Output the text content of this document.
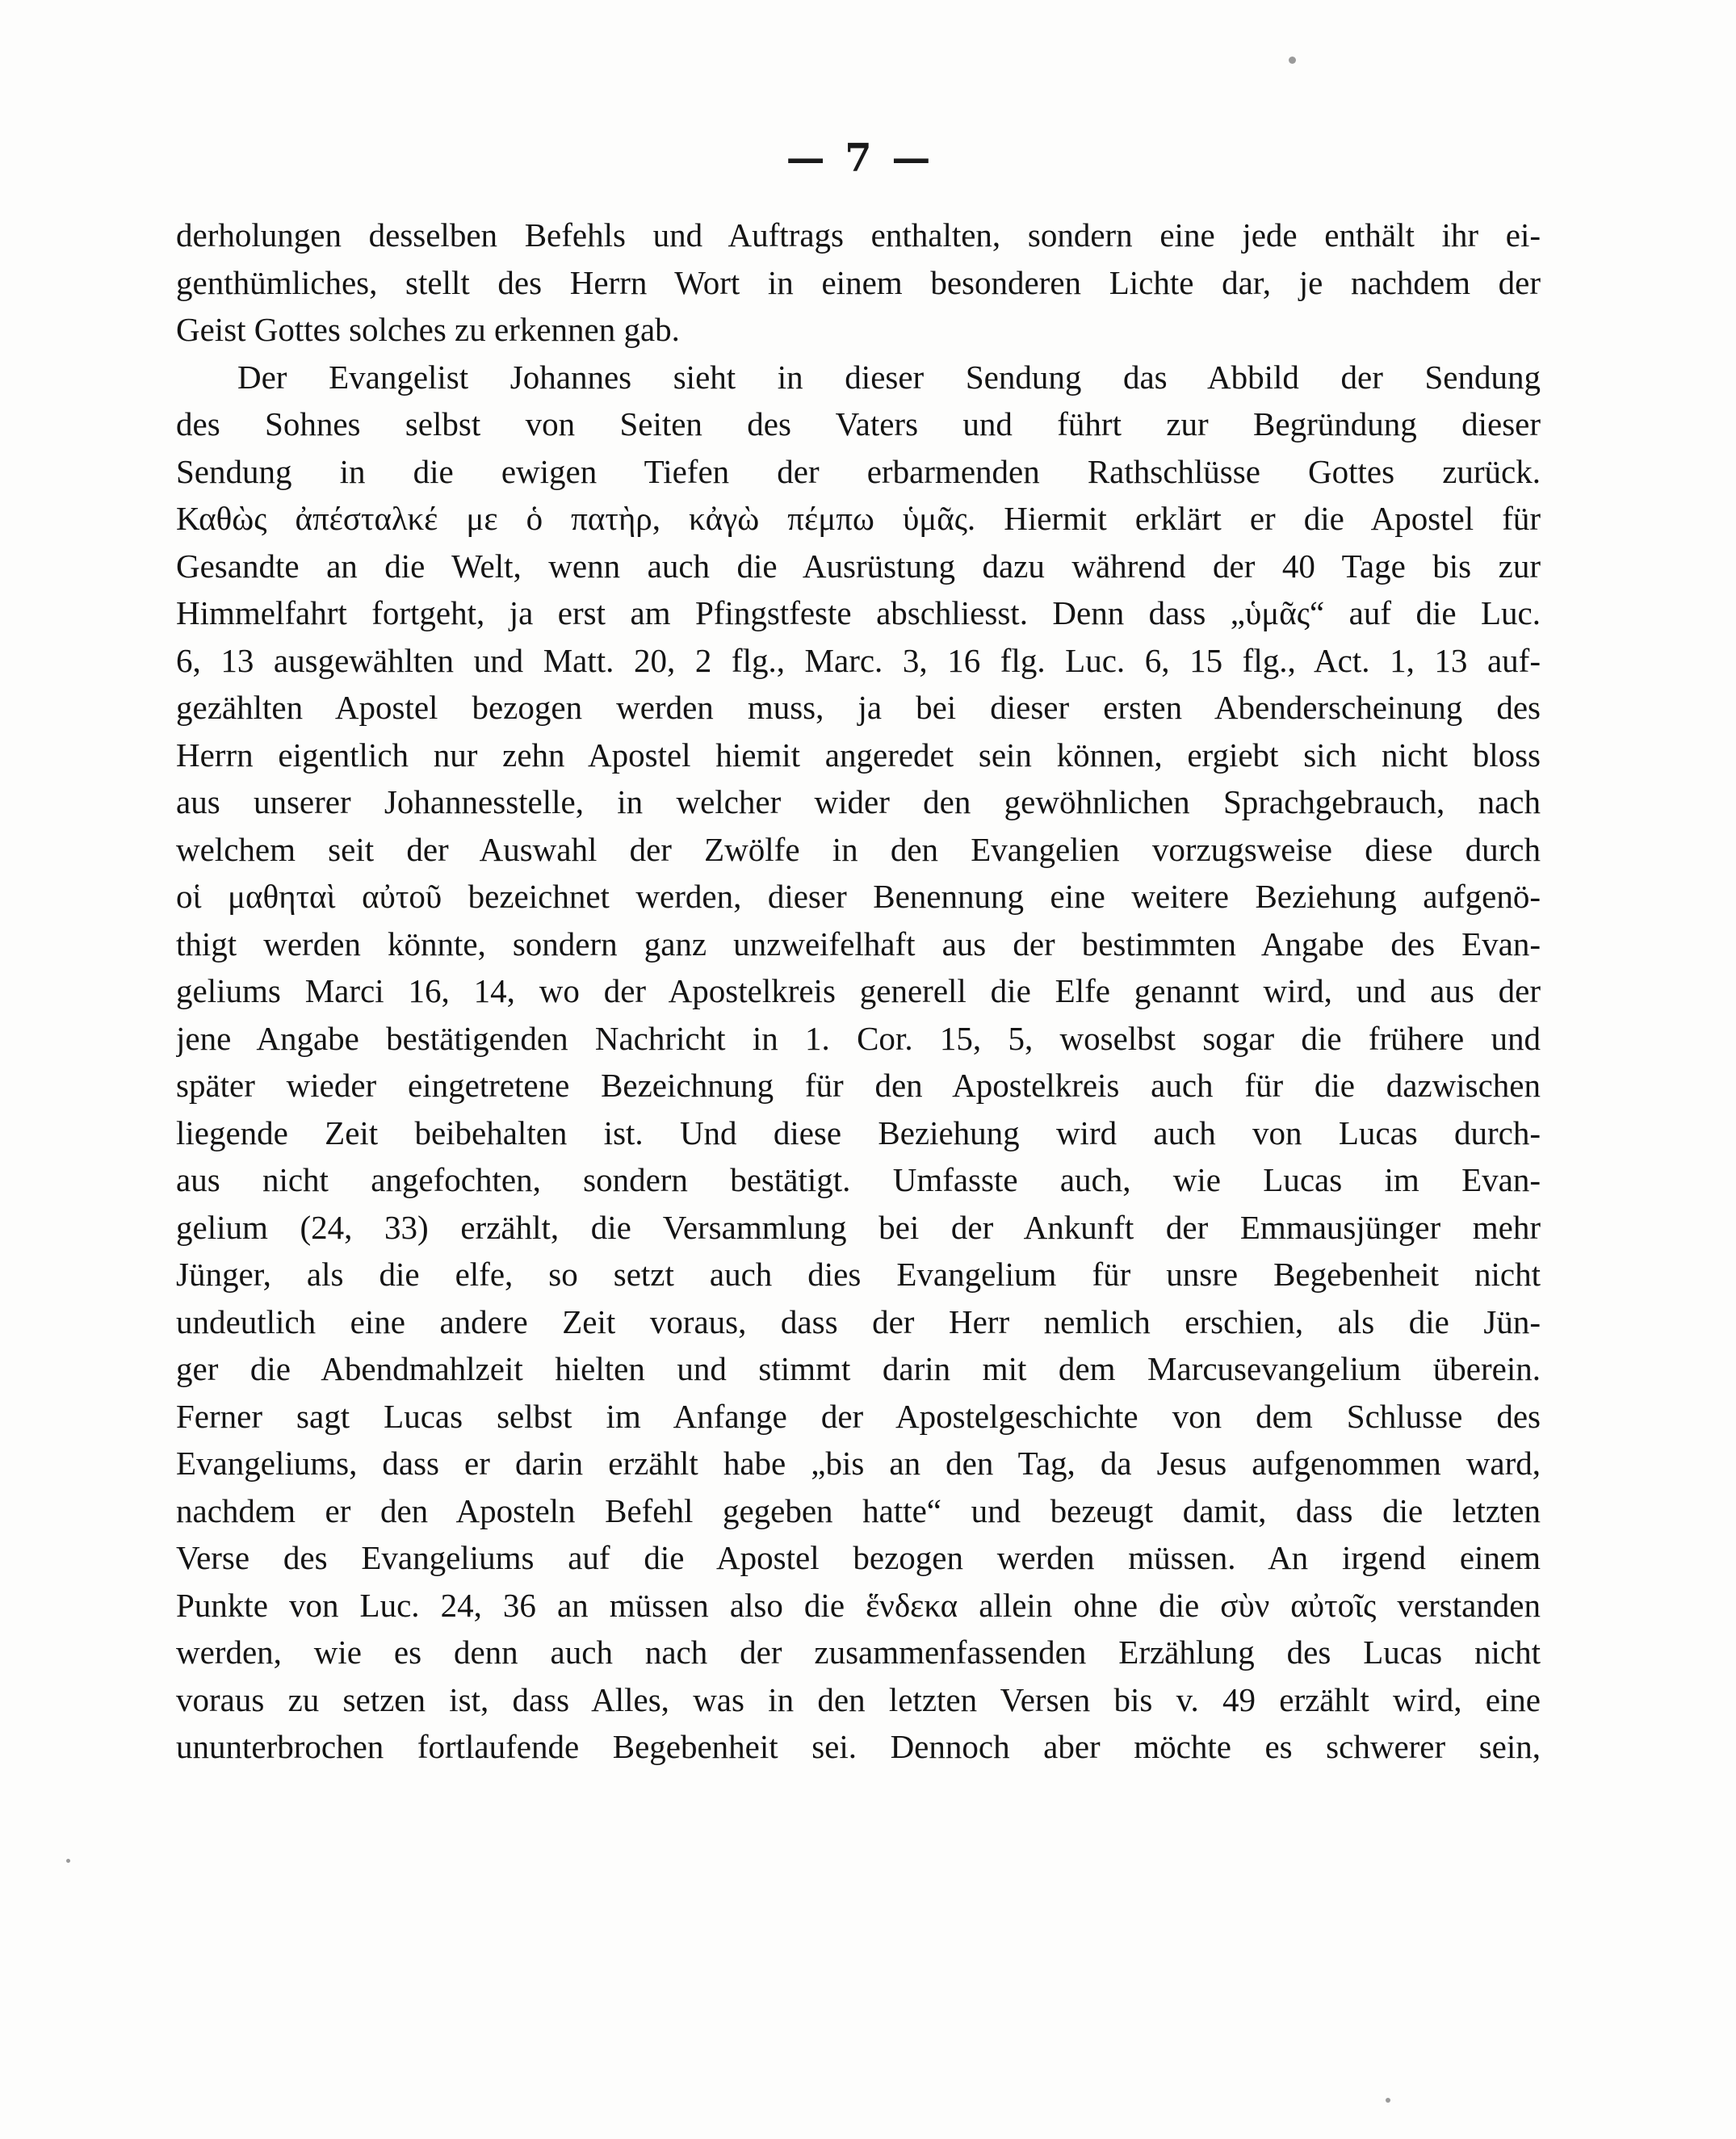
— 7 —
derholungen desselben Befehls und Auftrags enthalten, sondern eine jede enthält ihr ei-
genthümliches, stellt des Herrn Wort in einem besonderen Lichte dar, je nachdem der
Geist Gottes solches zu erkennen gab.
Der Evangelist Johannes sieht in dieser Sendung das Abbild der Sendung
des Sohnes selbst von Seiten des Vaters und führt zur Begründung dieser
Sendung in die ewigen Tiefen der erbarmenden Rathschlüsse Gottes zurück.
Καθὼς ἀπέσταλκέ με ὁ πατὴρ, κἀγὼ πέμπω ὑμᾶς. Hiermit erklärt er die Apostel für
Gesandte an die Welt, wenn auch die Ausrüstung dazu während der 40 Tage bis zur
Himmelfahrt fortgeht, ja erst am Pfingstfeste abschliesst. Denn dass „ὑμᾶς“ auf die Luc.
6, 13 ausgewählten und Matt. 20, 2 flg., Marc. 3, 16 flg. Luc. 6, 15 flg., Act. 1, 13 auf-
gezählten Apostel bezogen werden muss, ja bei dieser ersten Abenderscheinung des
Herrn eigentlich nur zehn Apostel hiemit angeredet sein können, ergiebt sich nicht bloss
aus unserer Johannesstelle, in welcher wider den gewöhnlichen Sprachgebrauch, nach
welchem seit der Auswahl der Zwölfe in den Evangelien vorzugsweise diese durch
οἱ μαθηταὶ αὐτοῦ bezeichnet werden, dieser Benennung eine weitere Beziehung aufgenö-
thigt werden könnte, sondern ganz unzweifelhaft aus der bestimmten Angabe des Evan-
geliums Marci 16, 14, wo der Apostelkreis generell die Elfe genannt wird, und aus der
jene Angabe bestätigenden Nachricht in 1. Cor. 15, 5, woselbst sogar die frühere und
später wieder eingetretene Bezeichnung für den Apostelkreis auch für die dazwischen
liegende Zeit beibehalten ist. Und diese Beziehung wird auch von Lucas durch-
aus nicht angefochten, sondern bestätigt. Umfasste auch, wie Lucas im Evan-
gelium (24, 33) erzählt, die Versammlung bei der Ankunft der Emmausjünger mehr
Jünger, als die elfe, so setzt auch dies Evangelium für unsre Begebenheit nicht
undeutlich eine andere Zeit voraus, dass der Herr nemlich erschien, als die Jün-
ger die Abendmahlzeit hielten und stimmt darin mit dem Marcusevangelium überein.
Ferner sagt Lucas selbst im Anfange der Apostelgeschichte von dem Schlusse des
Evangeliums, dass er darin erzählt habe „bis an den Tag, da Jesus aufgenommen ward,
nachdem er den Aposteln Befehl gegeben hatte“ und bezeugt damit, dass die letzten
Verse des Evangeliums auf die Apostel bezogen werden müssen. An irgend einem
Punkte von Luc. 24, 36 an müssen also die ἕνδεκα allein ohne die σὺν αὐτοῖς verstanden
werden, wie es denn auch nach der zusammenfassenden Erzählung des Lucas nicht
voraus zu setzen ist, dass Alles, was in den letzten Versen bis v. 49 erzählt wird, eine
ununterbrochen fortlaufende Begebenheit sei. Dennoch aber möchte es schwerer sein,
